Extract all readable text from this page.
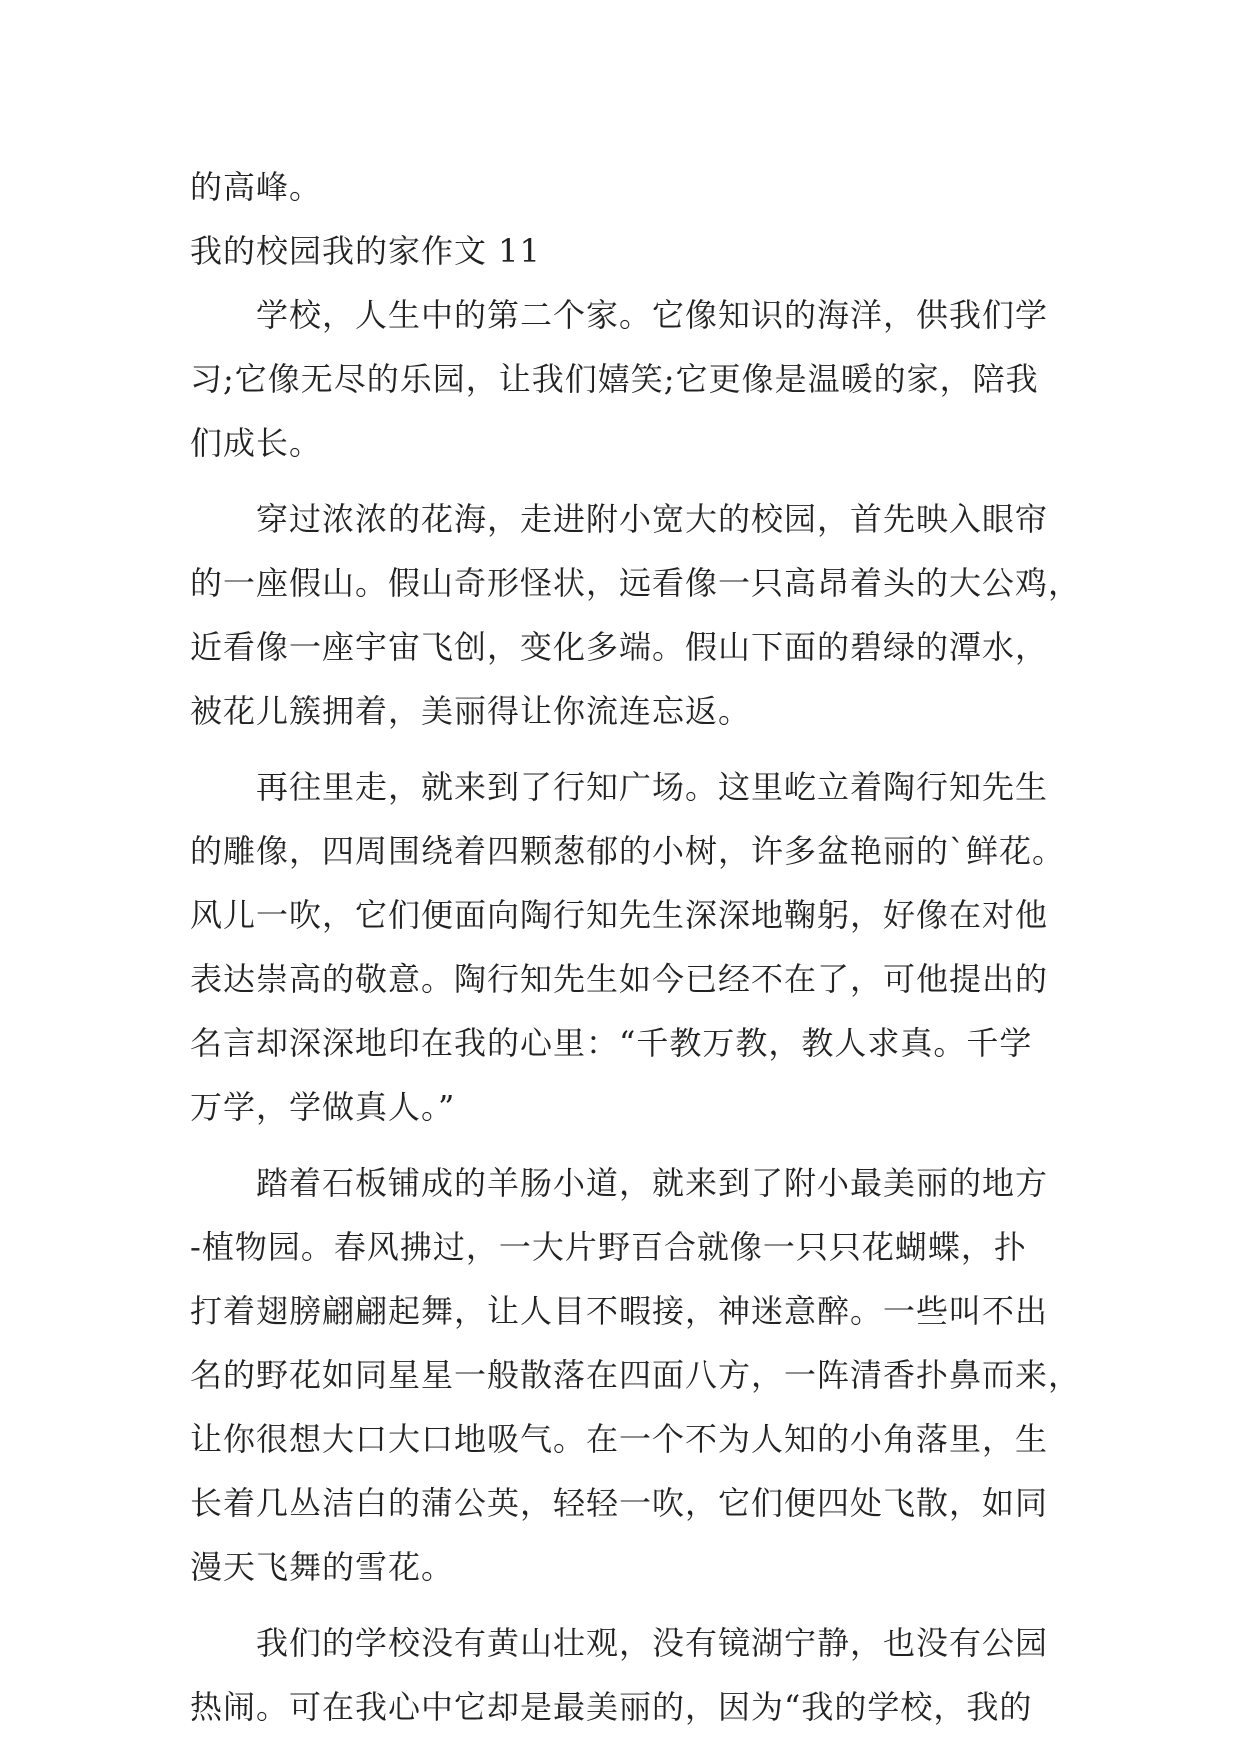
的高峰。
我的校园我的家作文 11
学校，人生中的第二个家。它像知识的海洋，供我们学
习;它像无尽的乐园，让我们嬉笑;它更像是温暖的家，陪我
们成长。
穿过浓浓的花海，走进附小宽大的校园，首先映入眼帘
的一座假山。假山奇形怪状，远看像一只高昂着头的大公鸡，
近看像一座宇宙飞创，变化多端。假山下面的碧绿的潭水，
被花儿簇拥着，美丽得让你流连忘返。
再往里走，就来到了行知广场。这里屹立着陶行知先生
的雕像，四周围绕着四颗葱郁的小树，许多盆艳丽的`鲜花。
风儿一吹，它们便面向陶行知先生深深地鞠躬，好像在对他
表达崇高的敬意。陶行知先生如今已经不在了，可他提出的
名言却深深地印在我的心里：“千教万教，教人求真。千学
万学，学做真人。”
踏着石板铺成的羊肠小道，就来到了附小最美丽的地方
-植物园。春风拂过，一大片野百合就像一只只花蝴蝶，扑
打着翅膀翩翩起舞，让人目不暇接，神迷意醉。一些叫不出
名的野花如同星星一般散落在四面八方，一阵清香扑鼻而来，
让你很想大口大口地吸气。在一个不为人知的小角落里，生
长着几丛洁白的蒲公英，轻轻一吹，它们便四处飞散，如同
漫天飞舞的雪花。
我们的学校没有黄山壮观，没有镜湖宁静，也没有公园
热闹。可在我心中它却是最美丽的，因为“我的学校，我的
